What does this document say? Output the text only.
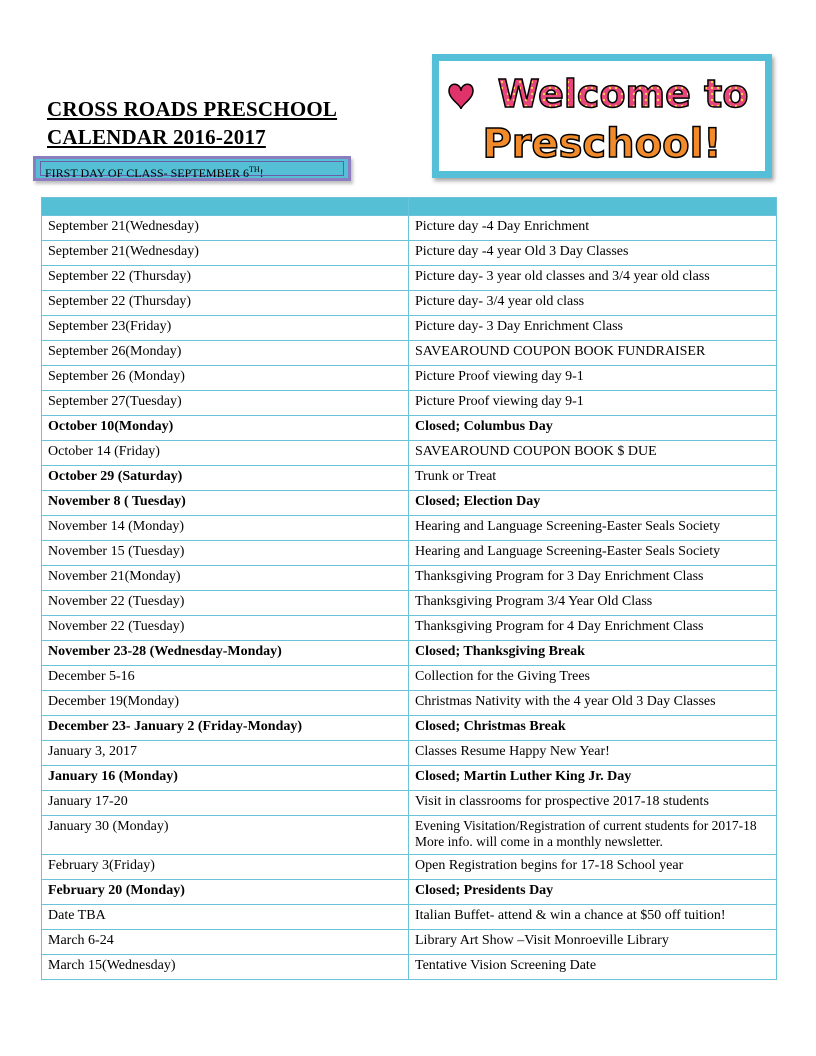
CROSS ROADS PRESCHOOL
CALENDAR 2016-2017
FIRST DAY OF CLASS- SEPTEMBER 6TH!
Welcome to
Preschool!

September 21(Wednesday)	Picture day -4 Day Enrichment
September 21(Wednesday)	Picture day -4 year Old 3 Day Classes
September 22 (Thursday)	Picture day- 3 year old classes and 3/4 year old class
September 22 (Thursday)	Picture day- 3/4 year old class
September 23(Friday)	Picture day- 3 Day Enrichment Class
September 26(Monday)	SAVEAROUND COUPON BOOK FUNDRAISER
September 26 (Monday)	Picture Proof viewing day 9-1
September 27(Tuesday)	Picture Proof viewing day 9-1
October 10(Monday)	Closed; Columbus Day
October 14 (Friday)	SAVEAROUND COUPON BOOK $ DUE
October 29 (Saturday)	Trunk or Treat
November 8 ( Tuesday)	Closed; Election Day
November 14 (Monday)	Hearing and Language Screening-Easter Seals Society
November 15 (Tuesday)	Hearing and Language Screening-Easter Seals Society
November 21(Monday)	Thanksgiving Program for 3 Day Enrichment Class
November 22 (Tuesday)	Thanksgiving Program 3/4 Year Old Class
November 22 (Tuesday)	Thanksgiving Program for 4 Day Enrichment Class
November 23-28 (Wednesday-Monday)	Closed; Thanksgiving Break
December 5-16	Collection for the Giving Trees
December 19(Monday)	Christmas Nativity with the 4 year Old 3 Day Classes
December 23- January 2 (Friday-Monday)	Closed; Christmas Break
January 3, 2017	Classes Resume Happy New Year!
January 16 (Monday)	Closed; Martin Luther King Jr. Day
January 17-20	Visit in classrooms for prospective 2017-18 students
January 30 (Monday)	Evening Visitation/Registration of current students for 2017-18 More info. will come in a monthly newsletter.
February 3(Friday)	Open Registration begins for 17-18 School year
February 20 (Monday)	Closed; Presidents Day
Date TBA	Italian Buffet- attend & win a chance at $50 off tuition!
March 6-24	Library Art Show –Visit Monroeville Library
March 15(Wednesday)	Tentative Vision Screening Date
